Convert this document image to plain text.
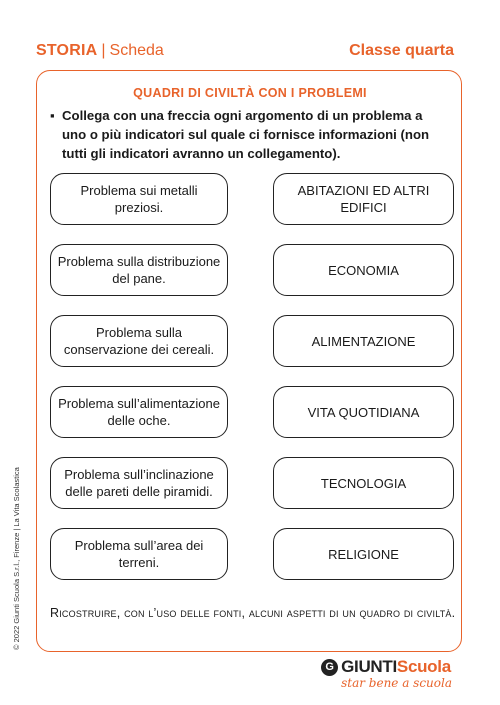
STORIA | Scheda	Classe quarta
QUADRI DI CIVILTÀ CON I PROBLEMI
▪ Collega con una freccia ogni argomento di un problema a uno o più indicatori sul quale ci fornisce informazioni (non tutti gli indicatori avranno un collegamento).
Problema sui metalli preziosi.
Problema sulla distribuzione del pane.
Problema sulla conservazione dei cereali.
Problema sull’alimentazione delle oche.
Problema sull’inclinazione delle pareti delle piramidi.
Problema sull’area dei terreni.
ABITAZIONI ED ALTRI EDIFICI
ECONOMIA
ALIMENTAZIONE
VITA QUOTIDIANA
TECNOLOGIA
RELIGIONE
Ricostruire, con l’uso delle fonti, alcuni aspetti di un quadro di civiltà.
© 2022 Giunti Scuola S.r.l., Firenze | La Vita Scolastica
G GIUNTI Scuola
star bene a scuola
